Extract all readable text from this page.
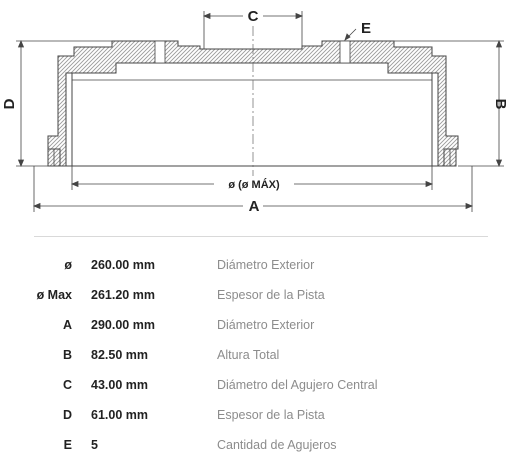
C
E
D	B
ø (ø MÁX)
A
ø 260.00 mm	Diámetro Exterior
ø Max 261.20 mm	Espesor de la Pista
A 290.00 mm	Diámetro Exterior
B 82.50 mm	Altura Total
C 43.00 mm	Diámetro del Agujero Central
D 61.00 mm	Espesor de la Pista
E 5	Cantidad de Agujeros
